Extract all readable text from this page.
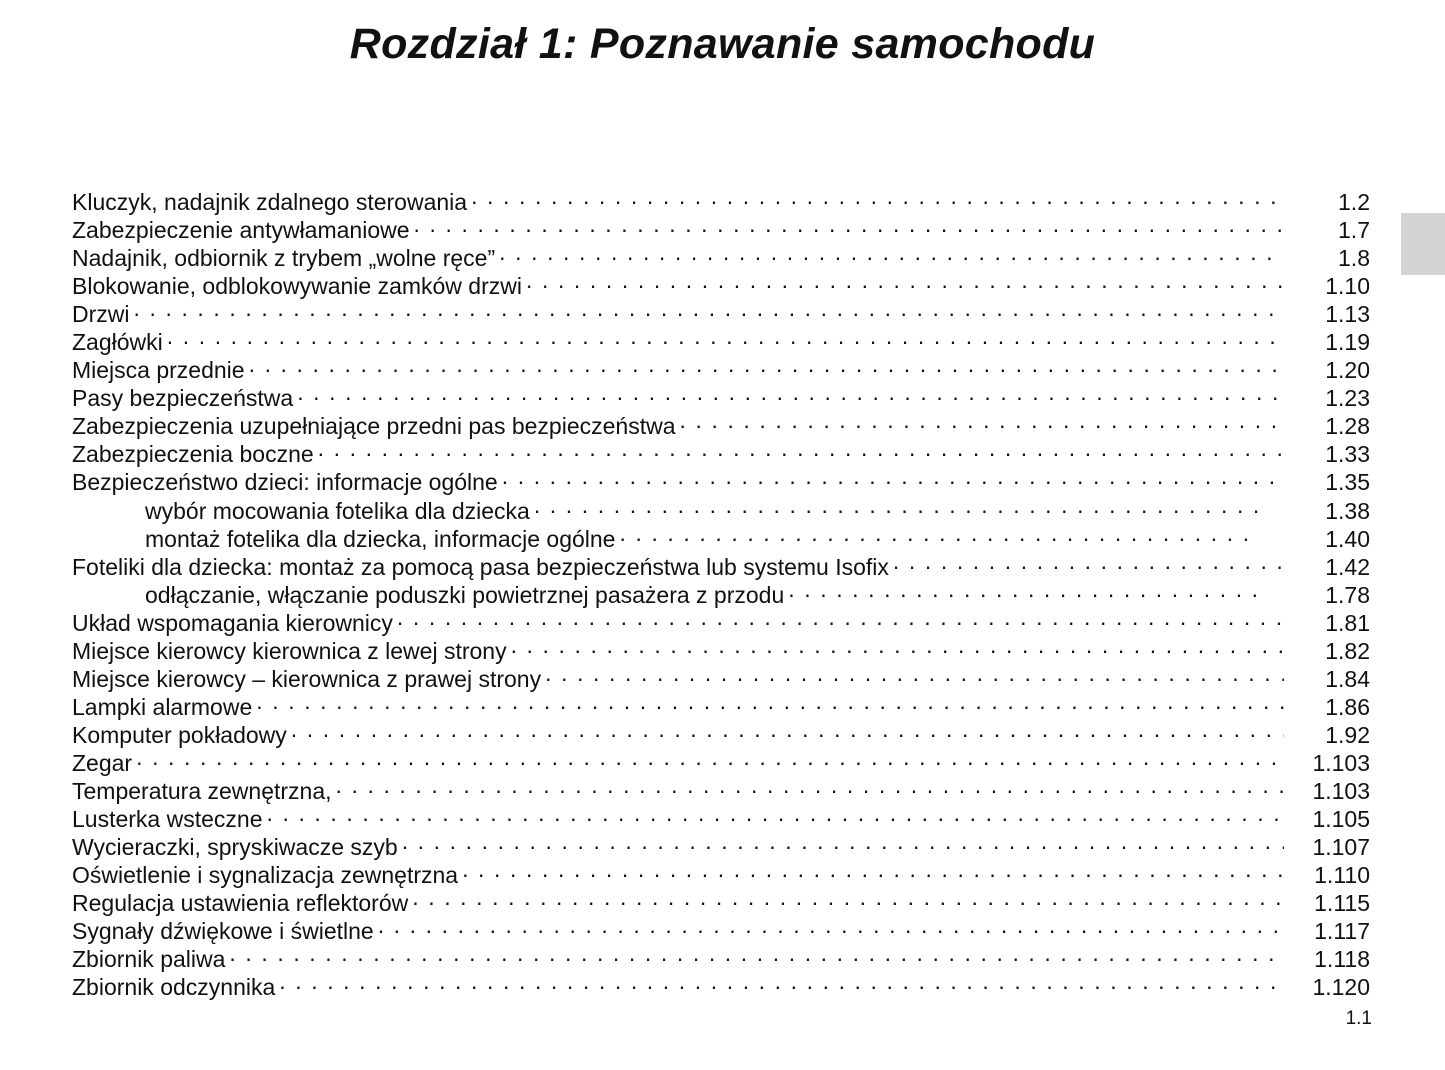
Rozdział 1: Poznawanie samochodu
Kluczyk, nadajnik zdalnego sterowania . . .	1.2
Zabezpieczenie antywłamaniowe . . .	1.7
Nadajnik, odbiornik z trybem „wolne ręce” . . .	1.8
Blokowanie, odblokowywanie zamków drzwi . . .	1.10
Drzwi . . .	1.13
Zagłówki . . .	1.19
Miejsca przednie . . .	1.20
Pasy bezpieczeństwa . . .	1.23
Zabezpieczenia uzupełniające przedni pas bezpieczeństwa . . .	1.28
Zabezpieczenia boczne . . .	1.33
Bezpieczeństwo dzieci: informacje ogólne . . .	1.35
wybór mocowania fotelika dla dziecka . . .	1.38
montaż fotelika dla dziecka, informacje ogólne . . .	1.40
Foteliki dla dziecka: montaż za pomocą pasa bezpieczeństwa lub systemu Isofix . . .	1.42
odłączanie, włączanie poduszki powietrznej pasażera z przodu . . .	1.78
Układ wspomagania kierownicy . . .	1.81
Miejsce kierowcy kierownica z lewej strony . . .	1.82
Miejsce kierowcy – kierownica z prawej strony . . .	1.84
Lampki alarmowe . . .	1.86
Komputer pokładowy . . .	1.92
Zegar . . .	1.103
Temperatura zewnętrzna, . . .	1.103
Lusterka wsteczne . . .	1.105
Wycieraczki, spryskiwacze szyb . . .	1.107
Oświetlenie i sygnalizacja zewnętrzna . . .	1.110
Regulacja ustawienia reflektorów . . .	1.115
Sygnały dźwiękowe i świetlne . . .	1.117
Zbiornik paliwa . . .	1.118
Zbiornik odczynnika . . .	1.120
1.1
